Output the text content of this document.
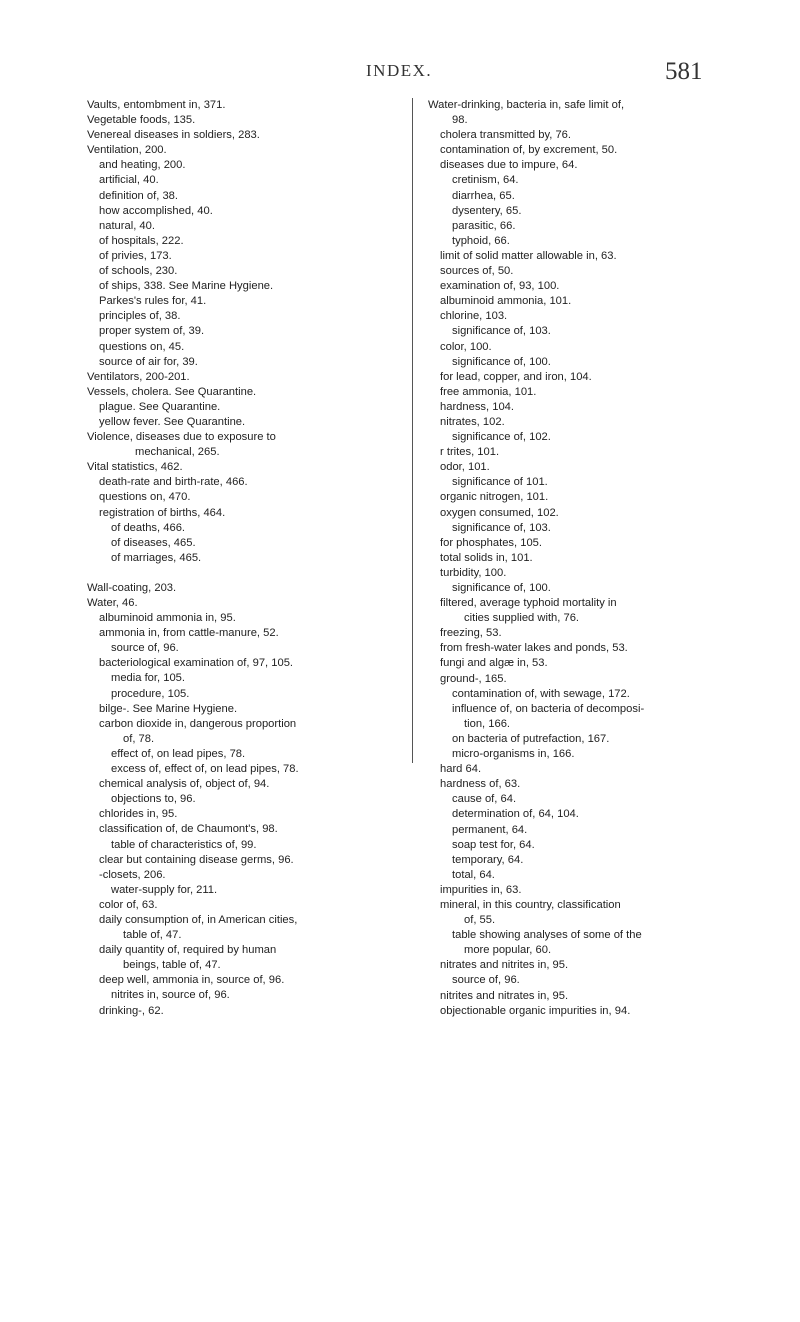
INDEX.	581
Vaults, entombment in, 371.
Vegetable foods, 135.
Venereal diseases in soldiers, 283.
Ventilation, 200.
and heating, 200.
artificial, 40.
definition of, 38.
how accomplished, 40.
natural, 40.
of hospitals, 222.
of privies, 173.
of schools, 230.
of ships, 338. See Marine Hygiene.
Parkes's rules for, 41.
principles of, 38.
proper system of, 39.
questions on, 45.
source of air for, 39.
Ventilators, 200-201.
Vessels, cholera. See Quarantine.
plague. See Quarantine.
yellow fever. See Quarantine.
Violence, diseases due to exposure to
mechanical, 265.
Vital statistics, 462.
death-rate and birth-rate, 466.
questions on, 470.
registration of births, 464.
of deaths, 466.
of diseases, 465.
of marriages, 465.
Wall-coating, 203.
Water, 46.
albuminoid ammonia in, 95.
ammonia in, from cattle-manure, 52.
source of, 96.
bacteriological examination of, 97, 105.
media for, 105.
procedure, 105.
bilge-. See Marine Hygiene.
carbon dioxide in, dangerous proportion
of, 78.
effect of, on lead pipes, 78.
excess of, effect of, on lead pipes, 78.
chemical analysis of, object of, 94.
objections to, 96.
chlorides in, 95.
classification of, de Chaumont's, 98.
table of characteristics of, 99.
clear but containing disease germs, 96.
-closets, 206.
water-supply for, 211.
color of, 63.
daily consumption of, in American cities,
table of, 47.
daily quantity of, required by human
beings, table of, 47.
deep well, ammonia in, source of, 96.
nitrites in, source of, 96.
drinking-, 62.
Water-drinking, bacteria in, safe limit of,
98.
cholera transmitted by, 76.
contamination of, by excrement, 50.
diseases due to impure, 64.
cretinism, 64.
diarrhea, 65.
dysentery, 65.
parasitic, 66.
typhoid, 66.
limit of solid matter allowable in, 63.
sources of, 50.
examination of, 93, 100.
albuminoid ammonia, 101.
chlorine, 103.
significance of, 103.
color, 100.
significance of, 100.
for lead, copper, and iron, 104.
free ammonia, 101.
hardness, 104.
nitrates, 102.
significance of, 102.
r trites, 101.
odor, 101.
significance of 101.
organic nitrogen, 101.
oxygen consumed, 102.
significance of, 103.
for phosphates, 105.
total solids in, 101.
turbidity, 100.
significance of, 100.
filtered, average typhoid mortality in
cities supplied with, 76.
freezing, 53.
from fresh-water lakes and ponds, 53.
fungi and algæ in, 53.
ground-, 165.
contamination of, with sewage, 172.
influence of, on bacteria of decomposi-
tion, 166.
on bacteria of putrefaction, 167.
micro-organisms in, 166.
hard 64.
hardness of, 63.
cause of, 64.
determination of, 64, 104.
permanent, 64.
soap test for, 64.
temporary, 64.
total, 64.
impurities in, 63.
mineral, in this country, classification
of, 55.
table showing analyses of some of the
more popular, 60.
nitrates and nitrites in, 95.
source of, 96.
nitrites and nitrates in, 95.
objectionable organic impurities in, 94.
